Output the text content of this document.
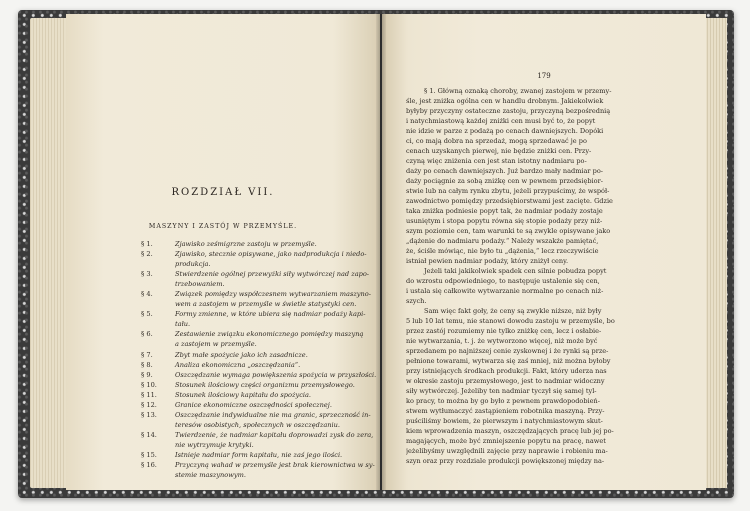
ROZDZIAŁ VII.
MASZYNY I ZASTÓJ W PRZEMYŚLE.
§ 1.	Zjawisko ześmigrzne zastoju w przemyśle.
§ 2.	Zjawisko, stecznie opisywane, jako nadprodukcja i niedo-
produkcja.
§ 3.	Stwierdzenie ogólnej przewyżki siły wytwórczej nad zapo-
trzebowaniem.
§ 4.	Związek pomiędzy współczesnem wytwarzaniem maszyno-
wem a zastojem w przemyśle w świetle statystyki cen.
§ 5.	Formy zmienne, w które ubiera się nadmiar podaży kapi-
tału.
§ 6.	Zestawienie związku ekonomicznego pomiędzy maszyną
a zastojem w przemyśle.
§ 7.	Zbyt małe spożycie jako ich zasadnicze.
§ 8.	Analiza ekonomiczna „oszczędzania“.
§ 9.	Oszczędzanie wymaga powiększenia spożycia w przyszłości.
§ 10.	Stosunek ilościowy części organizmu przemysłowego.
§ 11.	Stosunek ilościowy kapitału do spożycia.
§ 12.	Granice ekonomiczne oszczędności społecznej.
§ 13.	Oszczędzanie indywidualne nie ma granic, sprzeczność in-
teresów osobistych, społecznych w oszczędzaniu.
§ 14.	Twierdzenie, że nadmiar kapitału doprowadzi zysk do zera,
nie wytrzymuje krytyki.
§ 15.	Istnieje nadmiar form kapitału, nie zaś jego ilości.
§ 16.	Przyczyną wahad w przemyśle jest brak kierownictwa w sy-
stemie maszynowym.
179
§ 1. Główną oznaką choroby, zwanej zastojem w przemy-
śle, jest zniżka ogólna cen w handlu drobnym. Jakiekolwiek
byłyby przyczyny ostateczne zastoju, przyczyną bezpośrednią
i natychmiastową każdej zniżki cen musi być to, że popyt
nie idzie w parze z podażą po cenach dawniejszych. Dopóki
ci, co mają dobra na sprzedaż, mogą sprzedawać je po
cenach uzyskanych pierwej, nie będzie zniżki cen. Przy-
czyną więc zniżenia cen jest stan istotny nadmiaru po-
daży po cenach dawniejszych. Już bardzo mały nadmiar po-
daży pociągnie za sobą zniżkę cen w pewnem przedsiębior-
stwie lub na całym rynku zbytu, jeżeli przypuścimy, że współ-
zawodnictwo pomiędzy przedsiębiorstwami jest zacięte. Gdzie
taka zniżka podniesie popyt tak, że nadmiar podaży zostaje
usuniętym i stopa popytu równa się stopie podaży przy niż-
szym poziomie cen, tam warunki te są zwykle opisywane jako
„dążenie do nadmiaru podaży.“ Należy wszakże pamiętać,
że, ściśle mówiąc, nie było tu „dążenia,“ lecz rzeczywiście
istniał pewien nadmiar podaży, który zniżył ceny.
Jeżeli taki jakikolwiek spadek cen silnie pobudza popyt
do wzrostu odpowiedniego, to następuje ustalenie się cen,
i ustala się całkowite wytwarzanie normalne po cenach niż-
szych.
Sam więc fakt goły, że ceny są zwykle niższe, niż były
5 lub 10 lat temu, nie stanowi dowodu zastoju w przemyśle, bo
przez zastój rozumiemy nie tylko zniżkę cen, lecz i osłabie-
nie wytwarzania, t. j. że wytworzono więcej, niż może być
sprzedanem po najniższej cenie zyskownej i że rynki są prze-
pełnione towarami, wytwarza się zaś mniej, niż można byłoby
przy istniejących środkach produkcji. Fakt, który uderza nas
w okresie zastoju przemysłowego, jest to nadmiar widoczny
siły wytwórczej. Jeżeliby ten nadmiar tyczył się samej tyl-
ko pracy, to można by go było z pewnem prawdopodobień-
stwem wytłumaczyć zastąpieniem robotnika maszyną. Przy-
puściliśmy bowiem, że pierwszym i natychmiastowym skut-
kiem wprowadzenia maszyn, oszczędzających pracę lub jej po-
magających, może być zmniejszenie popytu na pracę, nawet
jeżelibyśmy uwzględnili zajęcie przy naprawie i robieniu ma-
szyn oraz przy rozdziale produkcji powiększonej między na-
